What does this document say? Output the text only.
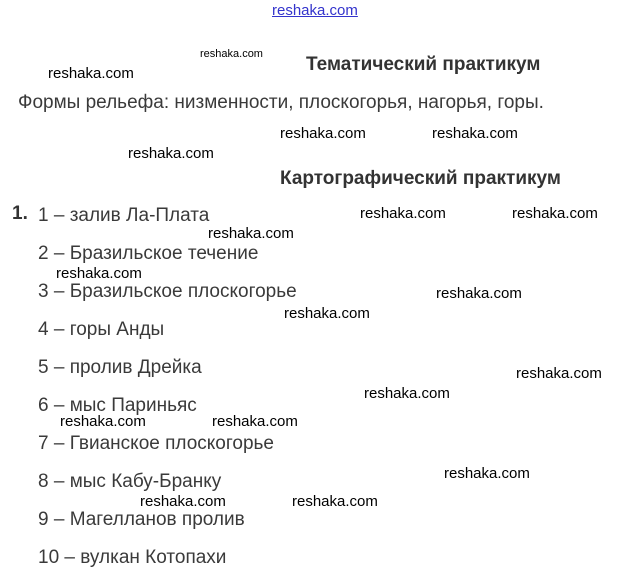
reshaka.com
reshaka.com
reshaka.com
reshaka.com	reshaka.com
reshaka.com
reshaka.com	reshaka.com
reshaka.com
reshaka.com
reshaka.com
reshaka.com
reshaka.com
reshaka.com
reshaka.com	reshaka.com
reshaka.com
reshaka.com	reshaka.com
Тематический практикум
Формы рельефа: низменности, плоскогорья, нагорья, горы.
Картографический практикум
1. 1 – залив Ла-Плата
2 – Бразильское течение
3 – Бразильское плоскогорье
4 – горы Анды
5 – пролив Дрейка
6 – мыс Париньяс
7 – Гвианское плоскогорье
8 – мыс Кабу-Бранку
9 – Магелланов пролив
10 – вулкан Котопахи
